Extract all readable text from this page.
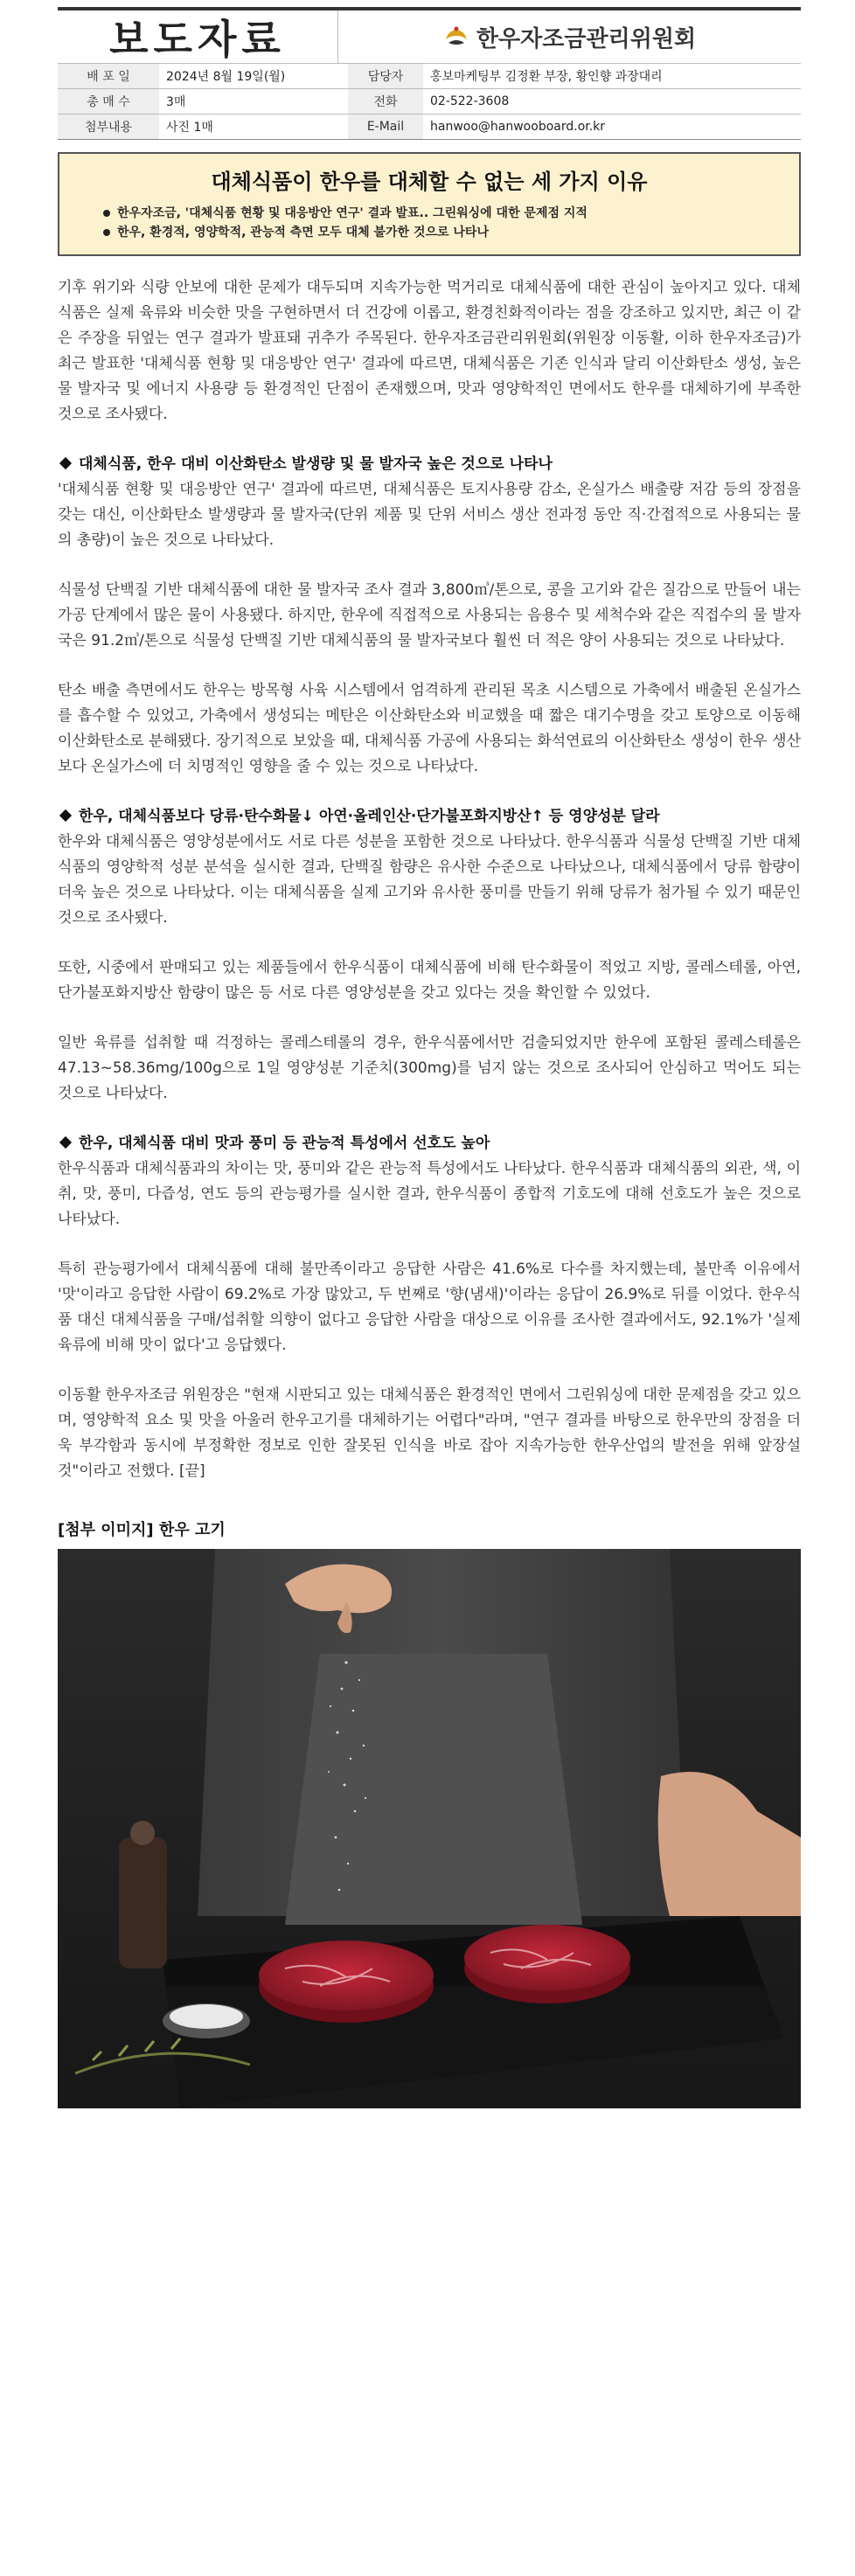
보도자료	한우자조금관리위원회
배 포 일	2024년 8월 19일(월)	담당자	홍보마케팅부 김정환 부장, 황인향 과장대리
총 매 수	3매	전화	02-522-3608
첨부내용	사진 1매	E-Mail	hanwoo@hanwooboard.or.kr
대체식품이 한우를 대체할 수 없는 세 가지 이유
한우자조금, '대체식품 현황 및 대응방안 연구' 결과 발표.. 그린워싱에 대한 문제점 지적
한우, 환경적, 영양학적, 관능적 측면 모두 대체 불가한 것으로 나타나

기후 위기와 식량 안보에 대한 문제가 대두되며 지속가능한 먹거리로 대체식품에 대한 관심이 높아지고 있다. 대체식품은 실제 육류와 비슷한 맛을 구현하면서 더 건강에 이롭고, 환경친화적이라는 점을 강조하고 있지만, 최근 이 같은 주장을 뒤엎는 연구 결과가 발표돼 귀추가 주목된다. 한우자조금관리위원회(위원장 이동활, 이하 한우자조금)가 최근 발표한 '대체식품 현황 및 대응방안 연구' 결과에 따르면, 대체식품은 기존 인식과 달리 이산화탄소 생성, 높은 물 발자국 및 에너지 사용량 등 환경적인 단점이 존재했으며, 맛과 영양학적인 면에서도 한우를 대체하기에 부족한 것으로 조사됐다.

대체식품, 한우 대비 이산화탄소 발생량 및 물 발자국 높은 것으로 나타나

'대체식품 현황 및 대응방안 연구' 결과에 따르면, 대체식품은 토지사용량 감소, 온실가스 배출량 저감 등의 장점을 갖는 대신, 이산화탄소 발생량과 물 발자국(단위 제품 및 단위 서비스 생산 전과정 동안 직·간접적으로 사용되는 물의 총량)이 높은 것으로 나타났다.

식물성 단백질 기반 대체식품에 대한 물 발자국 조사 결과 3,800㎥/톤으로, 콩을 고기와 같은 질감으로 만들어 내는 가공 단계에서 많은 물이 사용됐다. 하지만, 한우에 직접적으로 사용되는 음용수 및 세척수와 같은 직접수의 물 발자국은 91.2㎥/톤으로 식물성 단백질 기반 대체식품의 물 발자국보다 훨씬 더 적은 양이 사용되는 것으로 나타났다.

탄소 배출 측면에서도 한우는 방목형 사육 시스템에서 엄격하게 관리된 목초 시스템으로 가축에서 배출된 온실가스를 흡수할 수 있었고, 가축에서 생성되는 메탄은 이산화탄소와 비교했을 때 짧은 대기수명을 갖고 토양으로 이동해 이산화탄소로 분해됐다. 장기적으로 보았을 때, 대체식품 가공에 사용되는 화석연료의 이산화탄소 생성이 한우 생산보다 온실가스에 더 치명적인 영향을 줄 수 있는 것으로 나타났다.

한우, 대체식품보다 당류·탄수화물↓ 아연·올레인산·단가불포화지방산↑ 등 영양성분 달라

한우와 대체식품은 영양성분에서도 서로 다른 성분을 포함한 것으로 나타났다. 한우식품과 식물성 단백질 기반 대체식품의 영양학적 성분 분석을 실시한 결과, 단백질 함량은 유사한 수준으로 나타났으나, 대체식품에서 당류 함량이 더욱 높은 것으로 나타났다. 이는 대체식품을 실제 고기와 유사한 풍미를 만들기 위해 당류가 첨가될 수 있기 때문인 것으로 조사됐다.

또한, 시중에서 판매되고 있는 제품들에서 한우식품이 대체식품에 비해 탄수화물이 적었고 지방, 콜레스테롤, 아연, 단가불포화지방산 함량이 많은 등 서로 다른 영양성분을 갖고 있다는 것을 확인할 수 있었다.

일반 육류를 섭취할 때 걱정하는 콜레스테롤의 경우, 한우식품에서만 검출되었지만 한우에 포함된 콜레스테롤은 47.13~58.36mg/100g으로 1일 영양성분 기준치(300mg)를 넘지 않는 것으로 조사되어 안심하고 먹어도 되는 것으로 나타났다.

한우, 대체식품 대비 맛과 풍미 등 관능적 특성에서 선호도 높아

한우식품과 대체식품과의 차이는 맛, 풍미와 같은 관능적 특성에서도 나타났다. 한우식품과 대체식품의 외관, 색, 이취, 맛, 풍미, 다즙성, 연도 등의 관능평가를 실시한 결과, 한우식품이 종합적 기호도에 대해 선호도가 높은 것으로 나타났다.

특히 관능평가에서 대체식품에 대해 불만족이라고 응답한 사람은 41.6%로 다수를 차지했는데, 불만족 이유에서 '맛'이라고 응답한 사람이 69.2%로 가장 많았고, 두 번째로 '향(냄새)'이라는 응답이 26.9%로 뒤를 이었다. 한우식품 대신 대체식품을 구매/섭취할 의향이 없다고 응답한 사람을 대상으로 이유를 조사한 결과에서도, 92.1%가 '실제 육류에 비해 맛이 없다'고 응답했다.

이동활 한우자조금 위원장은 "현재 시판되고 있는 대체식품은 환경적인 면에서 그린워싱에 대한 문제점을 갖고 있으며, 영양학적 요소 및 맛을 아울러 한우고기를 대체하기는 어렵다"라며, "연구 결과를 바탕으로 한우만의 장점을 더욱 부각함과 동시에 부정확한 정보로 인한 잘못된 인식을 바로 잡아 지속가능한 한우산업의 발전을 위해 앞장설 것"이라고 전했다. [끝]

[첨부 이미지] 한우 고기
